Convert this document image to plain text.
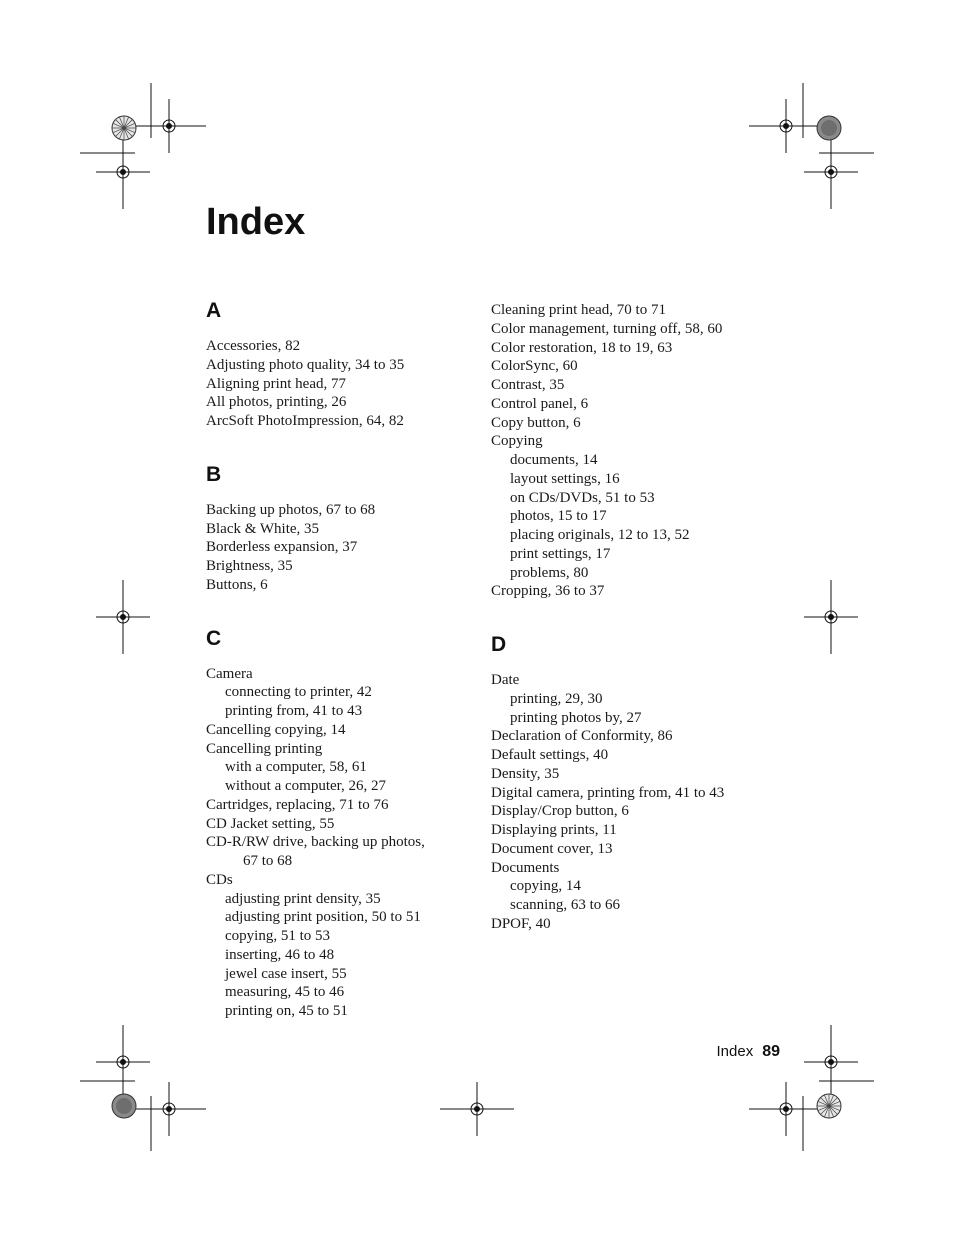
Index
A
Accessories, 82
Adjusting photo quality, 34 to 35
Aligning print head, 77
All photos, printing, 26
ArcSoft PhotoImpression, 64, 82
B
Backing up photos, 67 to 68
Black & White, 35
Borderless expansion, 37
Brightness, 35
Buttons, 6
C
Camera
connecting to printer, 42
printing from, 41 to 43
Cancelling copying, 14
Cancelling printing
with a computer, 58, 61
without a computer, 26, 27
Cartridges, replacing, 71 to 76
CD Jacket setting, 55
CD-R/RW drive, backing up photos,
67 to 68
CDs
adjusting print density, 35
adjusting print position, 50 to 51
copying, 51 to 53
inserting, 46 to 48
jewel case insert, 55
measuring, 45 to 46
printing on, 45 to 51
Cleaning print head, 70 to 71
Color management, turning off, 58, 60
Color restoration, 18 to 19, 63
ColorSync, 60
Contrast, 35
Control panel, 6
Copy button, 6
Copying
documents, 14
layout settings, 16
on CDs/DVDs, 51 to 53
photos, 15 to 17
placing originals, 12 to 13, 52
print settings, 17
problems, 80
Cropping, 36 to 37
D
Date
printing, 29, 30
printing photos by, 27
Declaration of Conformity, 86
Default settings, 40
Density, 35
Digital camera, printing from, 41 to 43
Display/Crop button, 6
Displaying prints, 11
Document cover, 13
Documents
copying, 14
scanning, 63 to 66
DPOF, 40
Index 89
